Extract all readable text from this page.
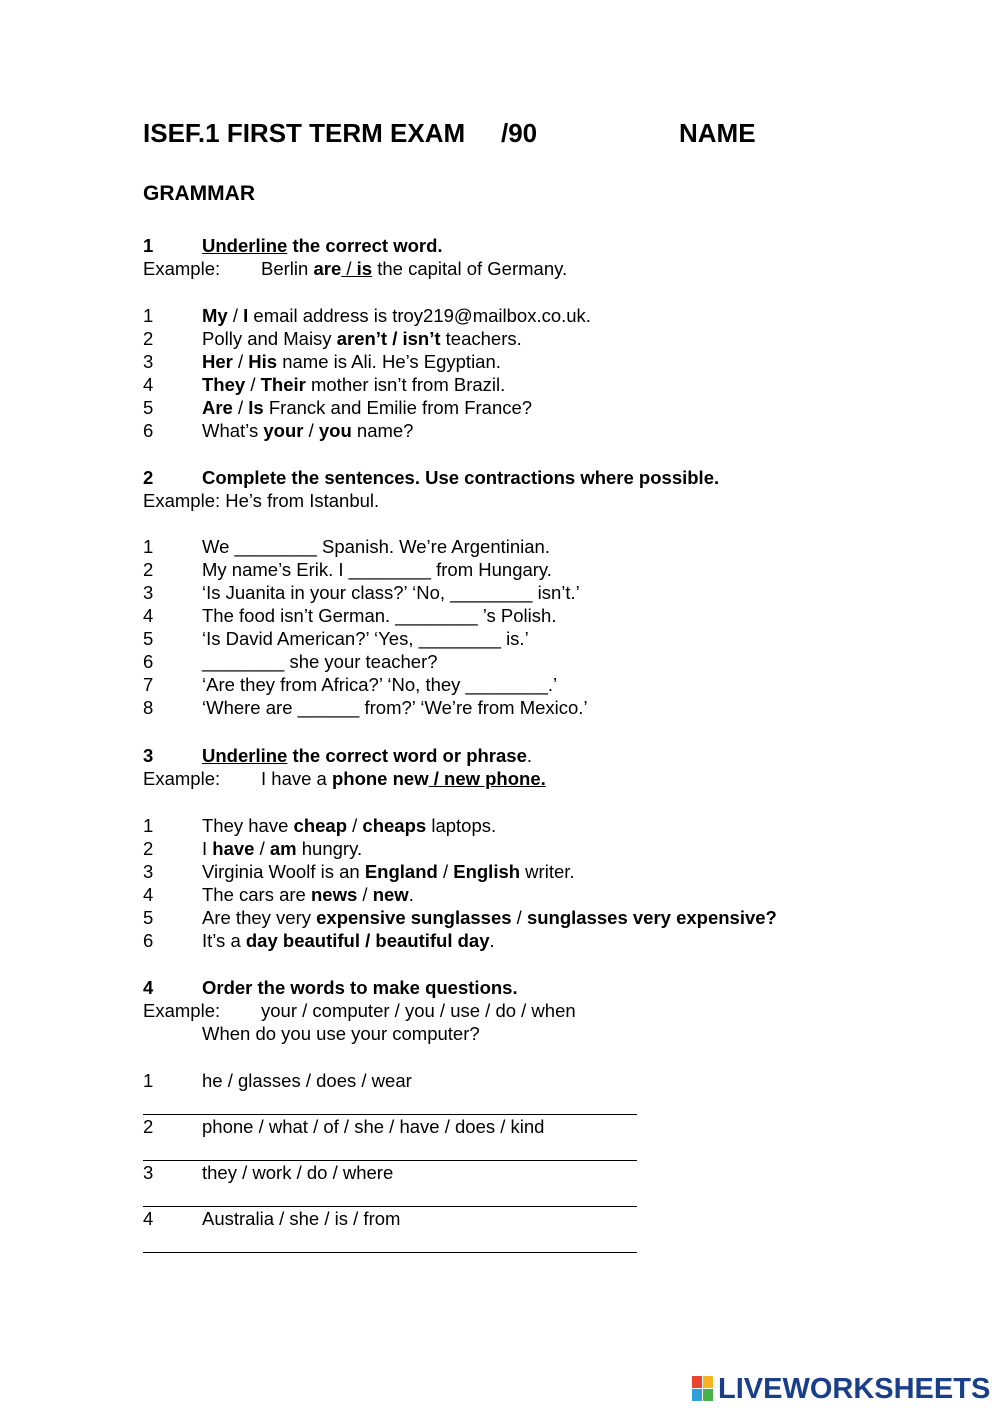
ISEF.1 FIRST TERM EXAM /90	NAME
GRAMMAR
1	Underline the correct word.
Example: Berlin are / is the capital of Germany.
1	My / I email address is troy219@mailbox.co.uk.
2	Polly and Maisy aren’t / isn’t teachers.
3	Her / His name is Ali. He’s Egyptian.
4	They / Their mother isn’t from Brazil.
5	Are / Is Franck and Emilie from France?
6	What’s your / you name?
2	Complete the sentences. Use contractions where possible.
Example: He’s from Istanbul.
1	We ________ Spanish. We’re Argentinian.
2	My name’s Erik. I ________ from Hungary.
3	‘Is Juanita in your class?’ ‘No, ________ isn’t.’
4	The food isn’t German. ________ ’s Polish.
5	‘Is David American?’ ‘Yes, ________ is.’
6	________ she your teacher?
7	‘Are they from Africa?’ ‘No, they ________.’
8	‘Where are ______ from?’ ‘We’re from Mexico.’
3	Underline the correct word or phrase.
Example: I have a phone new / new phone.
1	They have cheap / cheaps laptops.
2	I have / am hungry.
3	Virginia Woolf is an England / English writer.
4	The cars are news / new.
5	Are they very expensive sunglasses / sunglasses very expensive?
6	It’s a day beautiful / beautiful day.
4	Order the words to make questions.
Example: your / computer / you / use / do / when
When do you use your computer?
1	he / glasses / does / wear
2	phone / what / of / she / have / does / kind
3	they / work / do / where
4	Australia / she / is / from
LIVEWORKSHEETS
